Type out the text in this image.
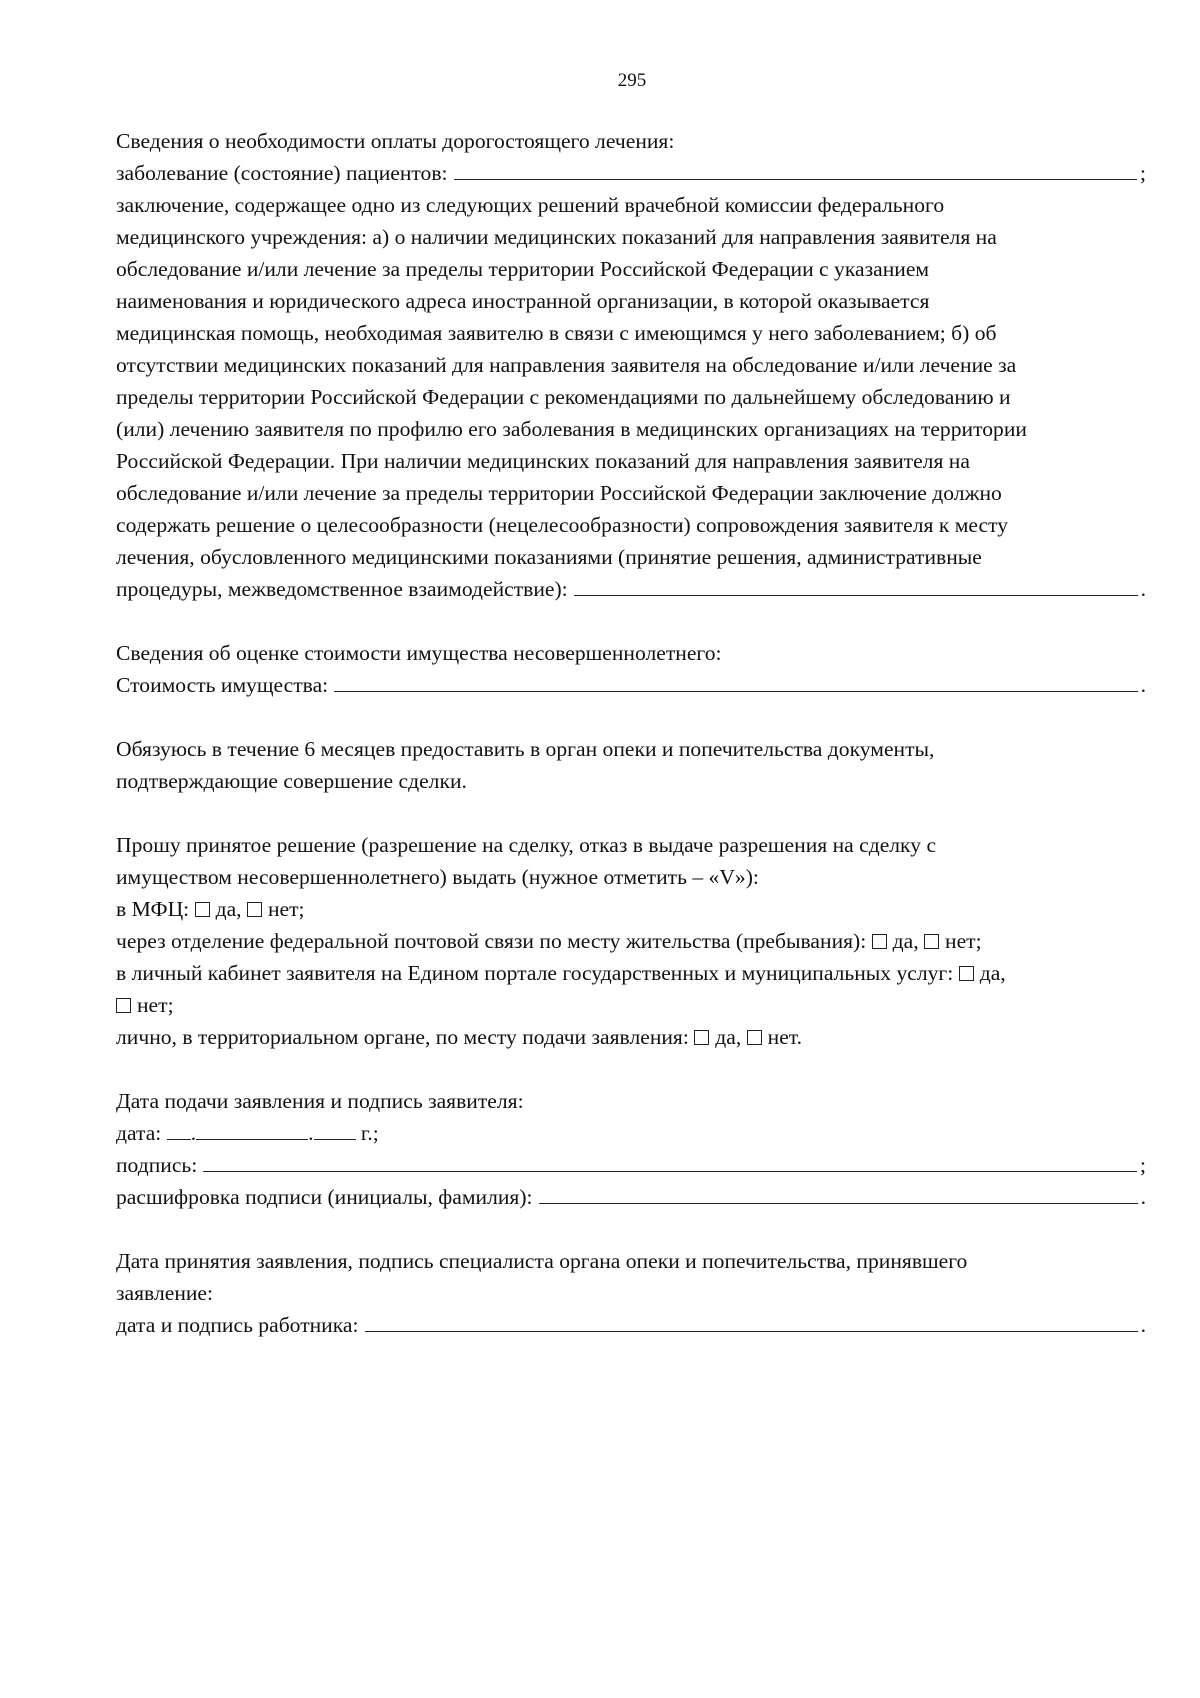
295
Сведения о необходимости оплаты дорогостоящего лечения:
заболевание (состояние) пациентов:	;
заключение, содержащее одно из следующих решений врачебной комиссии федерального
медицинского учреждения: а) о наличии медицинских показаний для направления заявителя на
обследование и/или лечение за пределы территории Российской Федерации с указанием
наименования и юридического адреса иностранной организации, в которой оказывается
медицинская помощь, необходимая заявителю в связи с имеющимся у него заболеванием; б) об
отсутствии медицинских показаний для направления заявителя на обследование и/или лечение за
пределы территории Российской Федерации с рекомендациями по дальнейшему обследованию и
(или) лечению заявителя по профилю его заболевания в медицинских организациях на территории
Российской Федерации. При наличии медицинских показаний для направления заявителя на
обследование и/или лечение за пределы территории Российской Федерации заключение должно
содержать решение о целесообразности (нецелесообразности) сопровождения заявителя к месту
лечения, обусловленного медицинскими показаниями (принятие решения, административные
процедуры, межведомственное взаимодействие):	.
Сведения об оценке стоимости имущества несовершеннолетнего:
Стоимость имущества:	.
Обязуюсь в течение 6 месяцев предоставить в орган опеки и попечительства документы,
подтверждающие совершение сделки.
Прошу принятое решение (разрешение на сделку, отказ в выдаче разрешения на сделку с
имуществом несовершеннолетнего) выдать (нужное отметить – «V»):
в МФЦ: да, нет;
через отделение федеральной почтовой связи по месту жительства (пребывания): да, нет;
в личный кабинет заявителя на Едином портале государственных и муниципальных услуг: да,
нет;
лично, в территориальном органе, по месту подачи заявления: да, нет.
Дата подачи заявления и подпись заявителя:
дата: .	. г.;
подпись:	;
расшифровка подписи (инициалы, фамилия):	.
Дата принятия заявления, подпись специалиста органа опеки и попечительства, принявшего
заявление:
дата и подпись работника:	.
